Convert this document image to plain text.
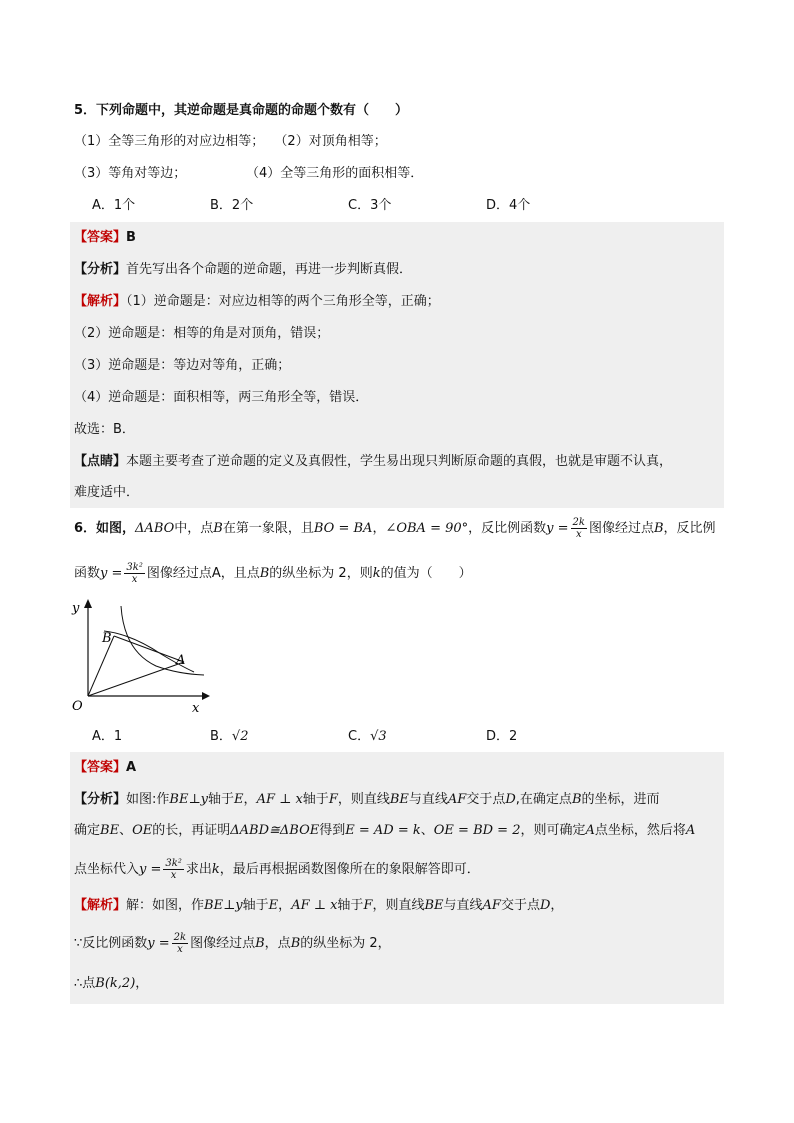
5．下列命题中，其逆命题是真命题的命题个数有（　　）
（1）全等三角形的对应边相等； （2）对顶角相等；
（3）等角对等边；	（4）全等三角形的面积相等．
A．1个	B．2个	C．3个	D．4个
【答案】B
【分析】首先写出各个命题的逆命题，再进一步判断真假．
【解析】（1）逆命题是：对应边相等的两个三角形全等，正确；
（2）逆命题是：相等的角是对顶角，错误；
（3）逆命题是：等边对等角，正确；
（4）逆命题是：面积相等，两三角形全等，错误．
故选：B．
【点睛】本题主要考查了逆命题的定义及真假性，学生易出现只判断原命题的真假，也就是审题不认真，
难度适中．
6．如图，ΔABO中，点B在第一象限，且BO = BA，∠OBA = 90°，反比例函数$y = \frac{2k}{x}$ 图像经过点B，反比例
函数$y = \frac{\text{3k²}}{x}$ 图像经过点A，且点B的纵坐标为 2，则k的值为（　　）
y
x
O
A
B
A．1	B．√2	C．√3	D．2
【答案】A
【分析】如图:作BE⊥y轴于E，AF ⊥ x轴于F，则直线BE与直线AF交于点D,在确定点B的坐标，进而
确定BE、OE的长，再证明ΔABD≅ΔBOE得到E = AD = k、OE = BD = 2，则可确定A点坐标，然后将A
点坐标代入$y = \frac{\text{3k²}}{x}$ 求出k，最后再根据函数图像所在的象限解答即可．
【解析】解：如图，作BE⊥y轴于E，AF ⊥ x轴于F，则直线BE与直线AF交于点D，
∵反比例函数$y = \frac{2k}{x}$ 图像经过点B，点B的纵坐标为 2，
∴点B(k,2)，
